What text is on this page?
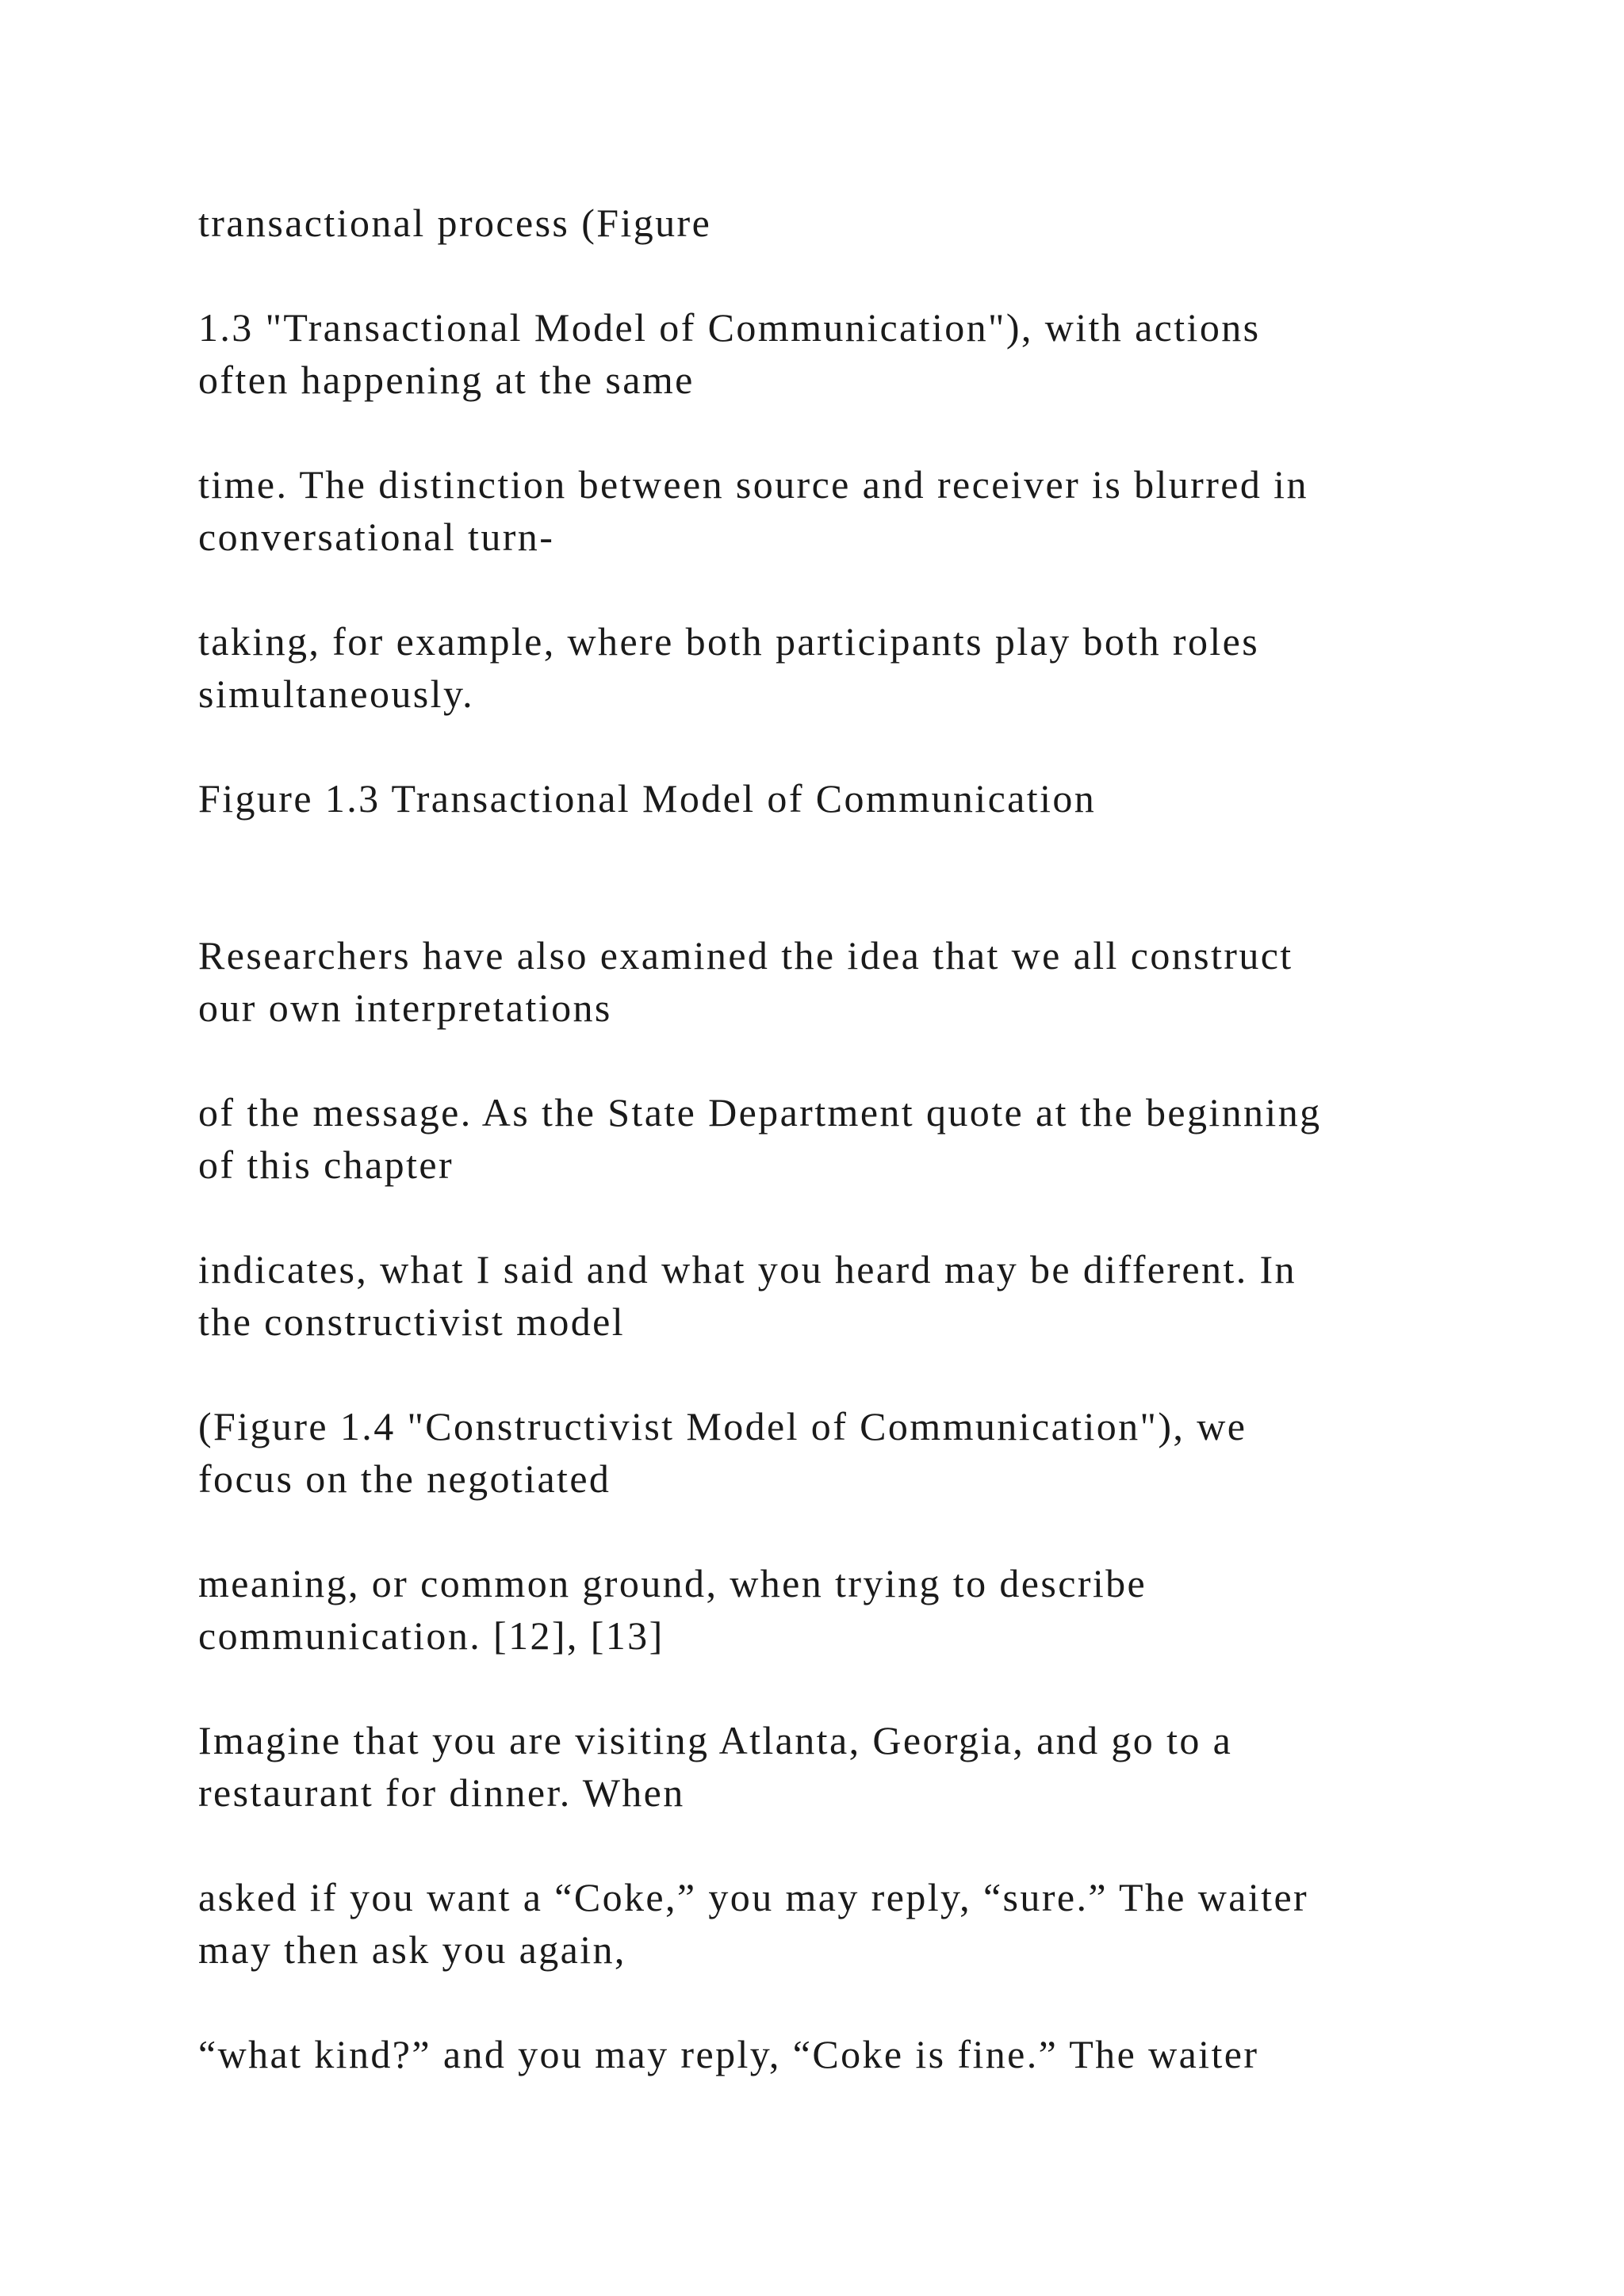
transactional process (Figure

1.3 "Transactional Model of Communication"), with actions
often happening at the same

time. The distinction between source and receiver is blurred in
conversational turn-

taking, for example, where both participants play both roles
simultaneously.

Figure 1.3 Transactional Model of Communication

Researchers have also examined the idea that we all construct
our own interpretations

of the message. As the State Department quote at the beginning
of this chapter

indicates, what I said and what you heard may be different. In
the constructivist model

(Figure 1.4 "Constructivist Model of Communication"), we
focus on the negotiated

meaning, or common ground, when trying to describe
communication. [12], [13]

Imagine that you are visiting Atlanta, Georgia, and go to a
restaurant for dinner. When

asked if you want a “Coke,” you may reply, “sure.” The waiter
may then ask you again,

“what kind?” and you may reply, “Coke is fine.” The waiter
